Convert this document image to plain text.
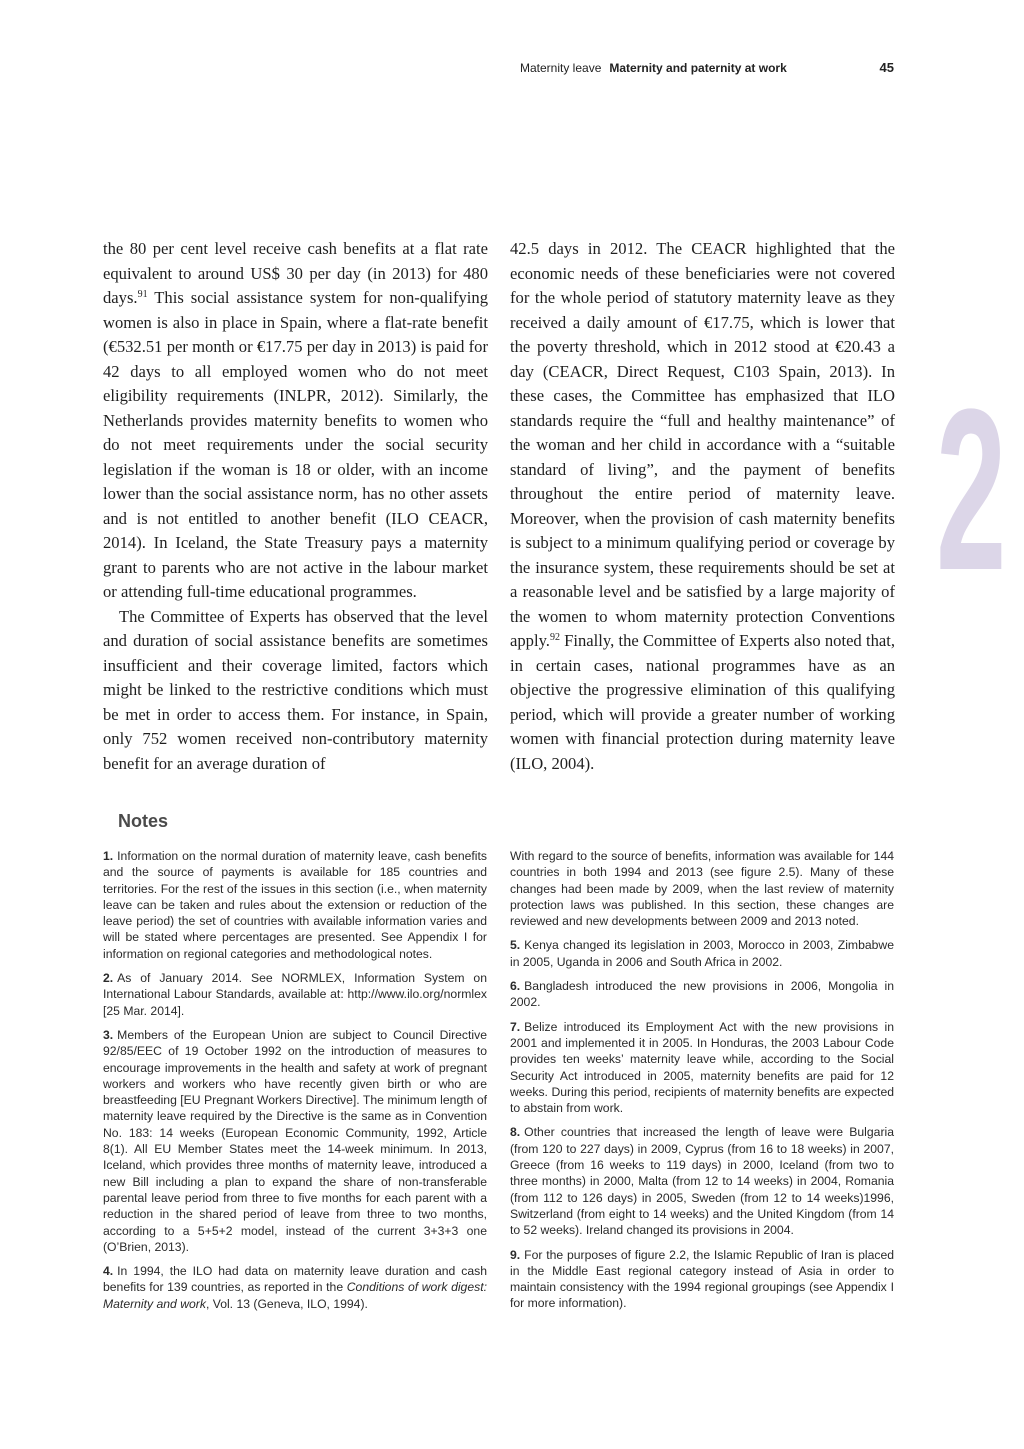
Maternity leave Maternity and paternity at work	45
2

the 80 per cent level receive cash benefits at a flat rate equivalent to around US$ 30 per day (in 2013) for 480 days.$^{91}$ This social assistance system for non-qualifying women is also in place in Spain, where a flat-rate benefit (€532.51 per month or €17.75 per day in 2013) is paid for 42 days to all employed women who do not meet eligibility requirements (INLPR, 2012). Similarly, the Netherlands provides maternity benefits to women who do not meet requirements under the social security legislation if the woman is 18 or older, with an income lower than the social assistance norm, has no other assets and is not entitled to another benefit (ILO CEACR, 2014). In Iceland, the State Treasury pays a maternity grant to parents who are not active in the labour market or attending full-time educational programmes.

The Committee of Experts has observed that the level and duration of social assistance benefits are sometimes insufficient and their coverage limited, factors which might be linked to the restrictive conditions which must be met in order to access them. For instance, in Spain, only 752 women received non-contributory maternity benefit for an average duration of

42.5 days in 2012. The CEACR highlighted that the economic needs of these beneficiaries were not covered for the whole period of statutory maternity leave as they received a daily amount of €17.75, which is lower that the poverty threshold, which in 2012 stood at €20.43 a day (CEACR, Direct Request, C103 Spain, 2013). In these cases, the Committee has emphasized that ILO standards require the “full and healthy maintenance” of the woman and her child in accordance with a “suitable standard of living”, and the payment of benefits throughout the entire period of maternity leave. Moreover, when the provision of cash maternity benefits is subject to a minimum qualifying period or coverage by the insurance system, these requirements should be set at a reasonable level and be satisfied by a large majority of the women to whom maternity protection Conventions apply.$^{92}$ Finally, the Committee of Experts also noted that, in certain cases, national programmes have as an objective the progressive elimination of this qualifying period, which will provide a greater number of working women with financial protection during maternity leave (ILO, 2004).

Notes

1. Information on the normal duration of maternity leave, cash benefits and the source of payments is available for 185 countries and territories. For the rest of the issues in this section (i.e., when maternity leave can be taken and rules about the extension or reduction of the leave period) the set of countries with available information varies and will be stated where percentages are presented. See Appendix I for information on regional categories and methodological notes.

2. As of January 2014. See NORMLEX, Information System on International Labour Standards, available at: http://www.ilo.org/normlex [25 Mar. 2014].

3. Members of the European Union are subject to Council Directive 92/85/EEC of 19 October 1992 on the introduction of measures to encourage improvements in the health and safety at work of pregnant workers and workers who have recently given birth or who are breastfeeding [EU Pregnant Workers Directive]. The minimum length of maternity leave required by the Directive is the same as in Convention No. 183: 14 weeks (European Economic Community, 1992, Article 8(1). All EU Member States meet the 14-week minimum. In 2013, Iceland, which provides three months of maternity leave, introduced a new Bill including a plan to expand the share of non-transferable parental leave period from three to five months for each parent with a reduction in the shared period of leave from three to two months, according to a 5+5+2 model, instead of the current 3+3+3 one (O’Brien, 2013).

4. In 1994, the ILO had data on maternity leave duration and cash benefits for 139 countries, as reported in the Conditions of work digest: Maternity and work, Vol. 13 (Geneva, ILO, 1994).

With regard to the source of benefits, information was available for 144 countries in both 1994 and 2013 (see figure 2.5). Many of these changes had been made by 2009, when the last review of maternity protection laws was published. In this section, these changes are reviewed and new developments between 2009 and 2013 noted.

5. Kenya changed its legislation in 2003, Morocco in 2003, Zimbabwe in 2005, Uganda in 2006 and South Africa in 2002.

6. Bangladesh introduced the new provisions in 2006, Mongolia in 2002.

7. Belize introduced its Employment Act with the new provisions in 2001 and implemented it in 2005. In Honduras, the 2003 Labour Code provides ten weeks’ maternity leave while, according to the Social Security Act introduced in 2005, maternity benefits are paid for 12 weeks. During this period, recipients of maternity benefits are expected to abstain from work.

8. Other countries that increased the length of leave were Bulgaria (from 120 to 227 days) in 2009, Cyprus (from 16 to 18 weeks) in 2007, Greece (from 16 weeks to 119 days) in 2000, Iceland (from two to three months) in 2000, Malta (from 12 to 14 weeks) in 2004, Romania (from 112 to 126 days) in 2005, Sweden (from 12 to 14 weeks)1996, Switzerland (from eight to 14 weeks) and the United Kingdom (from 14 to 52 weeks). Ireland changed its provisions in 2004.

9. For the purposes of figure 2.2, the Islamic Republic of Iran is placed in the Middle East regional category instead of Asia in order to maintain consistency with the 1994 regional groupings (see Appendix I for more information).
